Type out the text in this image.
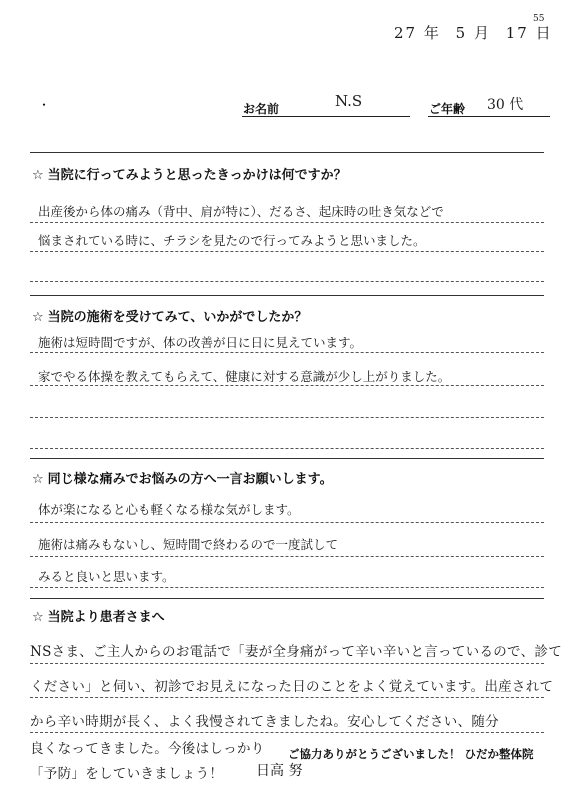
27 年 5 月 17 日
55
・	お名前	N.S	ご年齢 30 代
☆ 当院に行ってみようと思ったきっかけは何ですか？
出産後から体の痛み（背中、肩が特に）、だるさ、起床時の吐き気などで
悩まされている時に、チラシを見たので行ってみようと思いました。
☆ 当院の施術を受けてみて、いかがでしたか？
施術は短時間ですが、体の改善が日に日に見えています。
家でやる体操を教えてもらえて、健康に対する意識が少し上がりました。
☆ 同じ様な痛みでお悩みの方へ一言お願いします。
体が楽になると心も軽くなる様な気がします。
施術は痛みもないし、短時間で終わるので一度試して
みると良いと思います。
☆ 当院より患者さまへ
NSさま、ご主人からのお電話で「妻が全身痛がって辛い辛いと言っているので、診て
ください」と伺い、初診でお見えになった日のことをよく覚えています。出産されて
から辛い時期が長く、よく我慢されてきましたね。安心してください、随分
良くなってきました。今後はしっかり
「予防」をしていきましょう！
ご協力ありがとうございました！ ひだか整体院
日高 努
